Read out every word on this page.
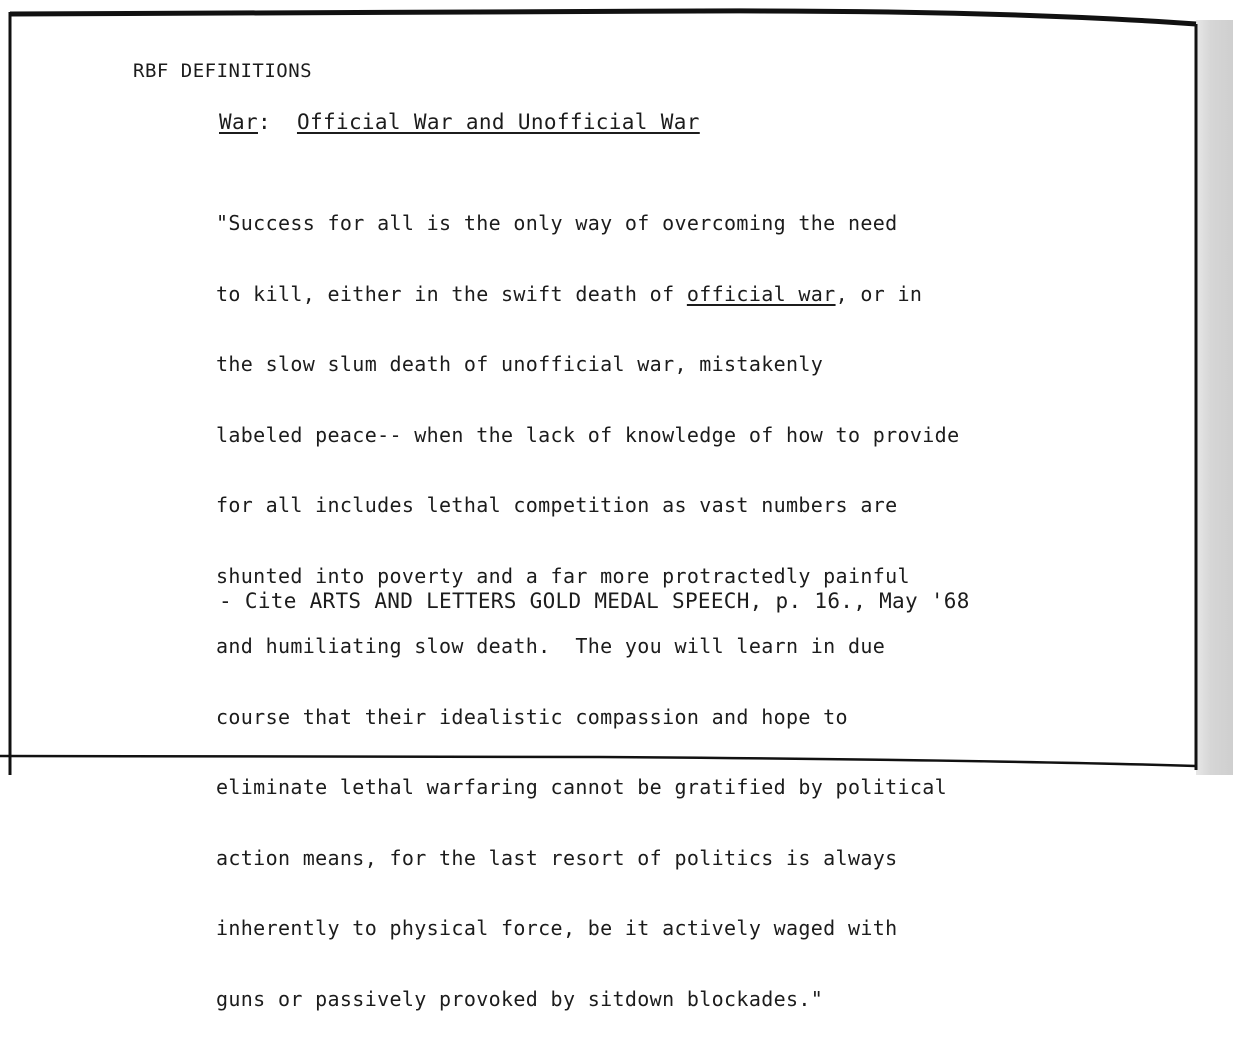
RBF DEFINITIONS
War:  Official War and Unofficial War

"Success for all is the only way of overcoming the need

to kill, either in the swift death of official war, or in

the slow slum death of unofficial war, mistakenly

labeled peace-- when the lack of knowledge of how to provide

for all includes lethal competition as vast numbers are

shunted into poverty and a far more protractedly painful

and humiliating slow death.  The you will learn in due

course that their idealistic compassion and hope to

eliminate lethal warfaring cannot be gratified by political

action means, for the last resort of politics is always

inherently to physical force, be it actively waged with

guns or passively provoked by sitdown blockades."

- Cite ARTS AND LETTERS GOLD MEDAL SPEECH, p. 16., May '68
